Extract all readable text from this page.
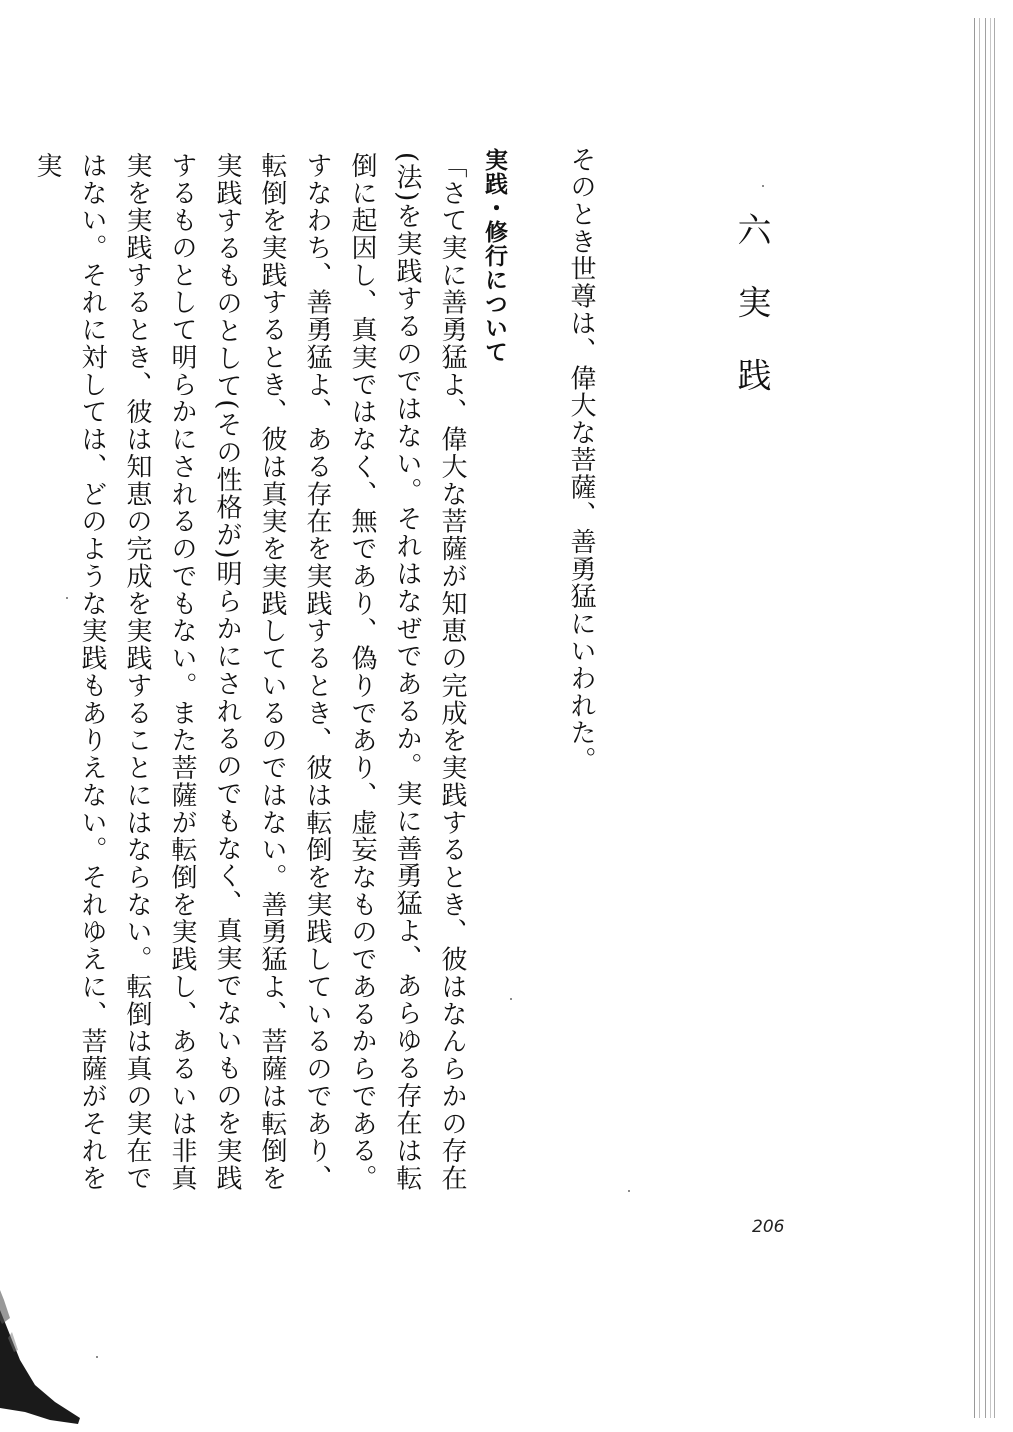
六 実 践
そのとき世尊は、偉大な菩薩、善勇猛にいわれた。
実践・修行について
「さて実に善勇猛よ、偉大な菩薩が知恵の完成を実践するとき、彼はなんらかの存在(法)を実践するのではない。それはなぜであるか。実に善勇猛よ、あらゆる存在は転倒に起因し、真実ではなく、無であり、偽りであり、虚妄なものであるからである。すなわち、善勇猛よ、ある存在を実践するとき、彼は転倒を実践しているのであり、転倒を実践するとき、彼は真実を実践しているのではない。善勇猛よ、菩薩は転倒を実践するものとして(その性格が)明らかにされるのでもなく、真実でないものを実践するものとして明らかにされるのでもない。また菩薩が転倒を実践し、あるいは非真実を実践するとき、彼は知恵の完成を実践することにはならない。転倒は真の実在ではない。それに対しては、どのような実践もありえない。それゆえに、菩薩がそれを実
206
